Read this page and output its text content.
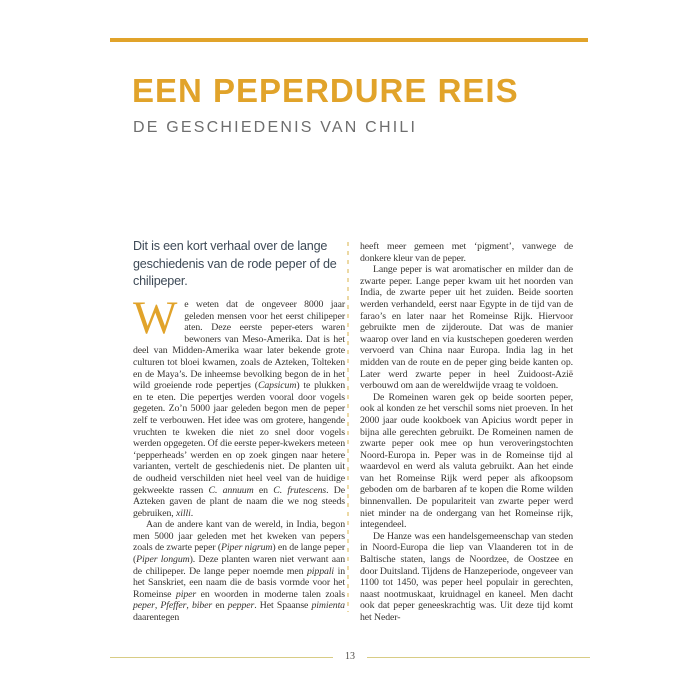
EEN PEPERDURE REIS
DE GESCHIEDENIS VAN CHILI

Dit is een kort verhaal over de lange geschiedenis van de rode peper of de chilipeper.

We weten dat de ongeveer 8000 jaar geleden mensen voor het eerst chilipeper aten. Deze eerste peper-eters waren bewoners van Meso-Amerika. Dat is het deel van Midden-Amerika waar later bekende grote culturen tot bloei kwamen, zoals de Azteken, Tolteken en de Maya’s. De inheemse bevolking begon de in het wild groeiende rode pepertjes (Capsicum) te plukken en te eten. Die pepertjes werden vooral door vogels gegeten. Zo’n 5000 jaar geleden begon men de peper zelf te verbouwen. Het idee was om grotere, hangende vruchten te kweken die niet zo snel door vogels werden opgegeten. Of die eerste peper-kwekers meteen ‘pepperheads’ werden en op zoek gingen naar hetere varianten, vertelt de geschiedenis niet. De planten uit de oudheid verschilden niet heel veel van de huidige gekweekte rassen C. annuum en C. frutescens. De Azteken gaven de plant de naam die we nog steeds gebruiken, xilli.

Aan de andere kant van de wereld, in India, begon men 5000 jaar geleden met het kweken van pepers zoals de zwarte peper (Piper nigrum) en de lange peper (Piper longum). Deze planten waren niet verwant aan de chilipeper. De lange peper noemde men pippali in het Sanskriet, een naam die de basis vormde voor het Romeinse piper en woorden in moderne talen zoals peper, Pfeffer, biber en pepper. Het Spaanse pimienta daarentegen

heeft meer gemeen met ‘pigment’, vanwege de donkere kleur van de peper.

Lange peper is wat aromatischer en milder dan de zwarte peper. Lange peper kwam uit het noorden van India, de zwarte peper uit het zuiden. Beide soorten werden verhandeld, eerst naar Egypte in de tijd van de farao’s en later naar het Romeinse Rijk. Hiervoor gebruikte men de zijderoute. Dat was de manier waarop over land en via kustschepen goederen werden vervoerd van China naar Europa. India lag in het midden van de route en de peper ging beide kanten op. Later werd zwarte peper in heel Zuidoost-Azië verbouwd om aan de wereldwijde vraag te voldoen.

De Romeinen waren gek op beide soorten peper, ook al konden ze het verschil soms niet proeven. In het 2000 jaar oude kookboek van Apicius wordt peper in bijna alle gerechten gebruikt. De Romeinen namen de zwarte peper ook mee op hun veroveringstochten Noord-Europa in. Peper was in de Romeinse tijd al waardevol en werd als valuta gebruikt. Aan het einde van het Romeinse Rijk werd peper als afkoopsom geboden om de barbaren af te kopen die Rome wilden binnenvallen. De populariteit van zwarte peper werd niet minder na de ondergang van het Romeinse rijk, integendeel.

De Hanze was een handelsgemeenschap van steden in Noord-Europa die liep van Vlaanderen tot in de Baltische staten, langs de Noordzee, de Oostzee en door Duitsland. Tijdens de Hanzeperiode, ongeveer van 1100 tot 1450, was peper heel populair in gerechten, naast nootmuskaat, kruidnagel en kaneel. Men dacht ook dat peper geneeskrachtig was. Uit deze tijd komt het Neder-

13
